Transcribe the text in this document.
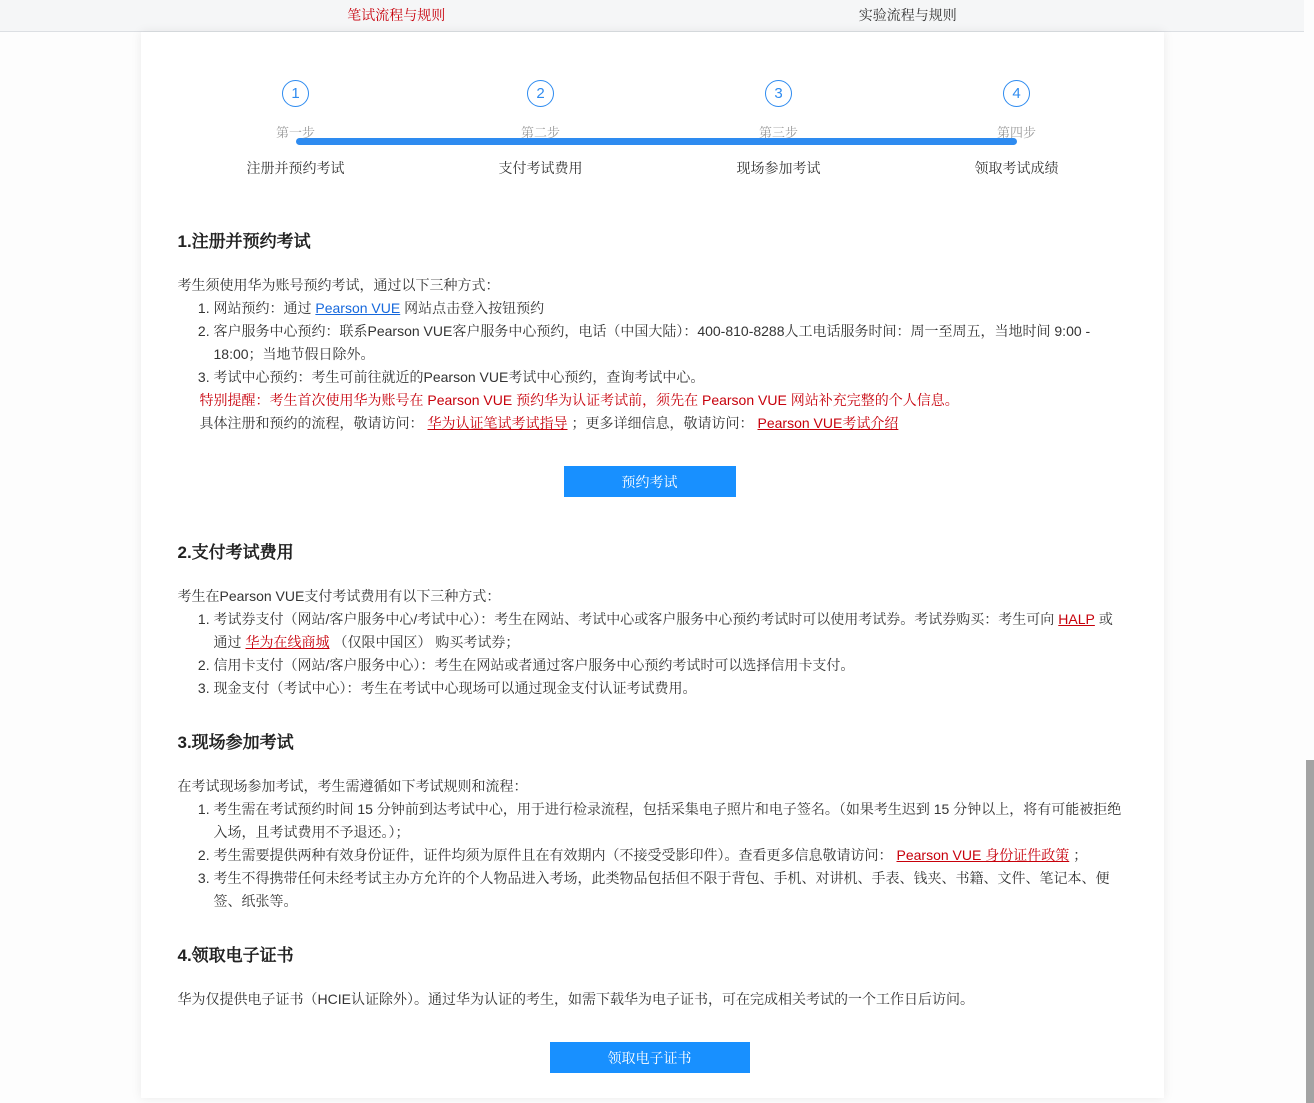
笔试流程与规则	实验流程与规则
1
第一步
注册并预约考试
2
第二步
支付考试费用
3
第三步
现场参加考试
4
第四步
领取考试成绩
1.注册并预约考试

考生须使用华为账号预约考试，通过以下三种方式：

1. 网站预约：通过 Pearson VUE 网站点击登入按钮预约
2. 客户服务中心预约：联系Pearson VUE客户服务中心预约，电话（中国大陆）：400-810-8288人工电话服务时间：周一至周五，当地时间 9:00 - 18:00；当地节假日除外。
3. 考试中心预约：考生可前往就近的Pearson VUE考试中心预约，查询考试中心。

特别提醒：考生首次使用华为账号在 Pearson VUE 预约华为认证考试前，须先在 Pearson VUE 网站补充完整的个人信息。

具体注册和预约的流程，敬请访问： 华为认证笔试考试指导 ；更多详细信息，敬请访问： Pearson VUE考试介绍

预约考试
2.支付考试费用

考生在Pearson VUE支付考试费用有以下三种方式：

1. 考试券支付（网站/客户服务中心/考试中心）：考生在网站、考试中心或客户服务中心预约考试时可以使用考试券。考试券购买：考生可向 HALP 或通过 华为在线商城 （仅限中国区） 购买考试券；
2. 信用卡支付（网站/客户服务中心）：考生在网站或者通过客户服务中心预约考试时可以选择信用卡支付。
3. 现金支付（考试中心）：考生在考试中心现场可以通过现金支付认证考试费用。
3.现场参加考试

在考试现场参加考试，考生需遵循如下考试规则和流程：

1. 考生需在考试预约时间 15 分钟前到达考试中心，用于进行检录流程，包括采集电子照片和电子签名。（如果考生迟到 15 分钟以上，将有可能被拒绝入场，且考试费用不予退还。）；
2. 考生需要提供两种有效身份证件，证件均须为原件且在有效期内（不接受受影印件）。查看更多信息敬请访问： Pearson VUE 身份证件政策 ；
3. 考生不得携带任何未经考试主办方允许的个人物品进入考场，此类物品包括但不限于背包、手机、对讲机、手表、钱夹、书籍、文件、笔记本、便签、纸张等。
4.领取电子证书

华为仅提供电子证书（HCIE认证除外）。通过华为认证的考生，如需下载华为电子证书，可在完成相关考试的一个工作日后访问。

领取电子证书
